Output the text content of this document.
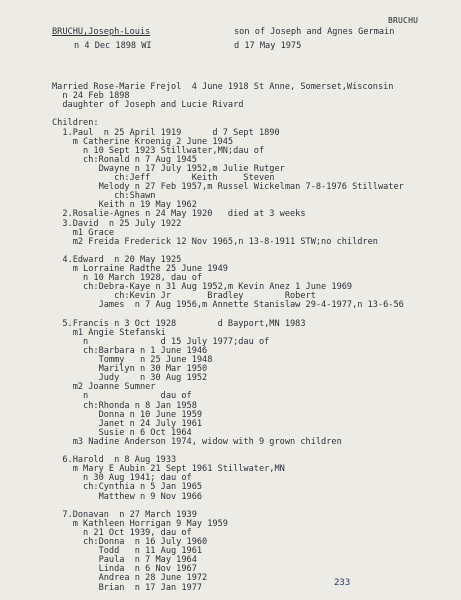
BRUCHU
BRUCHU,Joseph-Louis	son of Joseph and Agnes Germain
n 4 Dec 1898 WI	d 17 May 1975
Married Rose-Marie Frejol  4 June 1918 St Anne, Somerset,Wisconsin
n 24 Feb 1898
daughter of Joseph and Lucie Rivard
Children:
1.Paul  n 25 April 1919      d 7 Sept 1890
m Catherine Kroenig 2 June 1945
n 10 Sept 1923 Stillwater,MN;dau of
ch:Ronald n 7 Aug 1945
Dwayne n 17 July 1952,m Julie Rutger
ch:Jeff        Keith     Steven
Melody n 27 Feb 1957,m Russel Wickelman 7-8-1976 Stillwater
ch:Shawn
Keith n 19 May 1962
2.Rosalie-Agnes n 24 May 1920   died at 3 weeks
3.David  n 25 July 1922
m1 Grace
m2 Freida Frederick 12 Nov 1965,n 13-8-1911 STW;no children
4.Edward  n 20 May 1925
m Lorraine Radthe 25 June 1949
n 10 March 1928, dau of
ch:Debra-Kaye n 31 Aug 1952,m Kevin Anez 1 June 1969
ch:Kevin Jr       Bradley        Robert
James  n 7 Aug 1956,m Annette Stanislaw 29-4-1977,n 13-6-56
5.Francis n 3 Oct 1928        d Bayport,MN 1983
m1 Angie Stefanski
n              d 15 July 1977;dau of
ch:Barbara n 1 June 1946
Tommy   n 25 June 1948
Marilyn n 30 Mar 1950
Judy    n 30 Aug 1952
m2 Joanne Sumner
n              dau of
ch:Rhonda n 8 Jan 1958
Donna n 10 June 1959
Janet n 24 July 1961
Susie n 6 Oct 1964
m3 Nadine Anderson 1974, widow with 9 grown children
6.Harold  n 8 Aug 1933
m Mary E Aubin 21 Sept 1961 Stillwater,MN
n 30 Aug 1941; dau of
ch:Cynthia n 5 Jan 1965
Matthew n 9 Nov 1966
7.Donavan  n 27 March 1939
m Kathleen Horrigan 9 May 1959
n 21 Oct 1939, dau of
ch:Donna  n 16 July 1960
Todd   n 11 Aug 1961
Paula  n 7 May 1964
Linda  n 6 Nov 1967
Andrea n 28 June 1972
Brian  n 17 Jan 1977	233
